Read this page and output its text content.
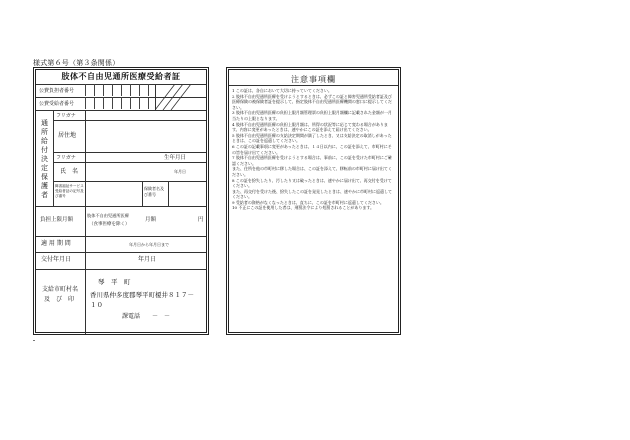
様式第６号（第３条関係）
肢体不自由児通所医療受給者証
公費負担者番号
公費受給者番号
通所給付決定保護者
フリガナ
居住地
フリガナ	生年月日
氏　名	年月日
障害福祉サービス受給者証の記号及び番号
保険者名及び番号
負担上限月額
肢体不自由児通所医療
（食事医療を除く）
月額	円
適 用 期 間	年月日から年月日まで
交付年月日	年月日
支給市町村名
及　び　印
琴　平　町
香川県仲多度郡琴平町榎井８１７－
１０
課電話　　－　－
注意事項欄

1 この証は、各自において大切に持っていてください。

2 肢体不自由児通所医療を受けようとするときは、必ずこの証と障害児通所受給者証及び医療保険の被保険者証を提示して、指定肢体不自由児通所医療機関の窓口に提示してください。

3 肢体不自由児通所医療の負担上限月額管理票の負担上限月額欄に記載された金額が一月当たりの上限となります。

4 肢体不自由児通所医療の負担上限月額は、所得の状況等に応じて変わる場合があります。内容に変更があったときは、速やかにこの証を添えて届け出てください。

5 肢体不自由児通所医療の支給決定期間が満了したとき、又は支給決定の取消しがあったときは、この証を返還してください。

6 この証の記載事項に変更があったときは、１４日以内に、この証を添えて、市町村にその旨を届け出てください。

7 肢体不自由児通所医療を受けようとする場合は、事前に、この証を受けた市町村にご確認ください。

また、住所を他の市町村に移した場合は、この証を添えて、移転前の市町村に届け出てください。

8 この証を紛失したり、汚したり又は破ったときは、速やかに届け出て、再交付を受けてください。

また、再交付を受けた後、紛失したこの証を発見したときは、速やかに市町村に返還してください。

9 受給者の資格がなくなったときは、直ちに、この証を市町村に返還してください。

10 不正にこの証を使用した者は、刑罰法令により処罰されることがあります。
